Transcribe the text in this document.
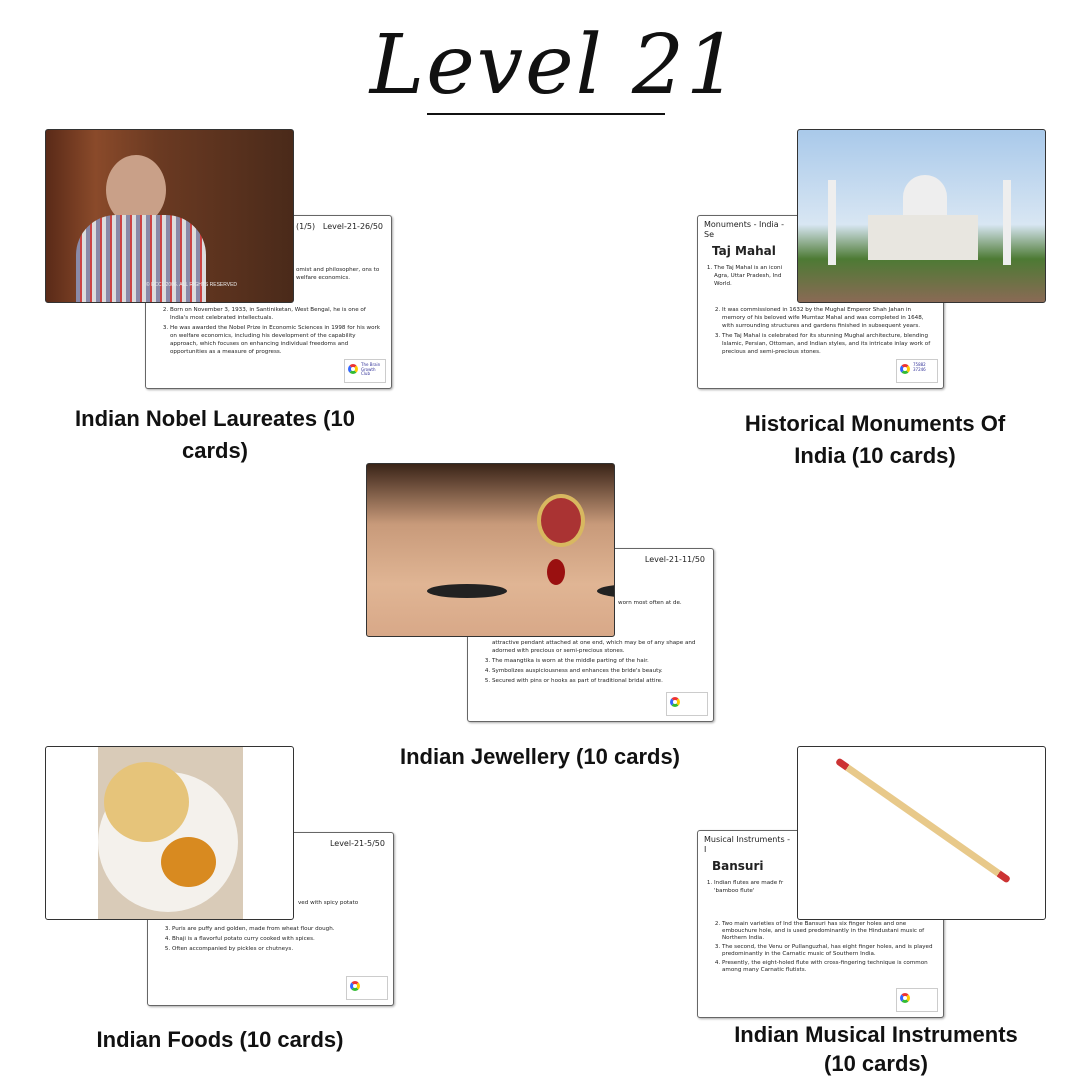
Level 21
(1/5) Level-21-26/50
omist and philosopher, ons to welfare economics.
2. Born on November 3, 1933, in Santiniketan, West Bengal, he is one of India's most celebrated intellectuals.
3. He was awarded the Nobel Prize in Economic Sciences in 1998 for his work on welfare economics, including his development of the capability approach, which focuses on enhancing individual freedoms and opportunities as a measure of progress.
The Brain Growth Club
© ECCL 2006. ALL RIGHTS RESERVED
Indian Nobel Laureates (10 cards)
Monuments - India - Se
Taj Mahal
1. The Taj Mahal is an iconi Agra, Uttar Pradesh, Ind World.
2. It was commissioned in 1632 by the Mughal Emperor Shah Jahan in memory of his beloved wife Mumtaz Mahal and was completed in 1648, with surrounding structures and gardens finished in subsequent years.
3. The Taj Mahal is celebrated for its stunning Mughal architecture, blending Islamic, Persian, Ottoman, and Indian styles, and its intricate inlay work of precious and semi-precious stones.
75882 37246
Historical Monuments Of India (10 cards)
Level-21-11/50
worn most often at de.
attractive pendant attached at one end, which may be of any shape and adorned with precious or semi-precious stones.
3. The maangtika is worn at the middle parting of the hair.
4. Symbolizes auspiciousness and enhances the bride's beauty.
5. Secured with pins or hooks as part of traditional bridal attire.
Indian Jewellery (10 cards)
Level-21-5/50
ved with spicy potato
3. Puris are puffy and golden, made from wheat flour dough.
4. Bhaji is a flavorful potato curry cooked with spices.
5. Often accompanied by pickles or chutneys.
Indian Foods (10 cards)
Musical Instruments - I
Bansuri
1. Indian flutes are made fr 'bamboo flute'
2. Two main varieties of Ind the Bansuri has six finger holes and one embouchure hole, and is used predominantly in the Hindustani music of Northern India.
3. The second, the Venu or Pullanguzhal, has eight finger holes, and is played predominantly in the Carnatic music of Southern India.
4. Presently, the eight-holed flute with cross-fingering technique is common among many Carnatic flutists.
Indian Musical Instruments (10 cards)
